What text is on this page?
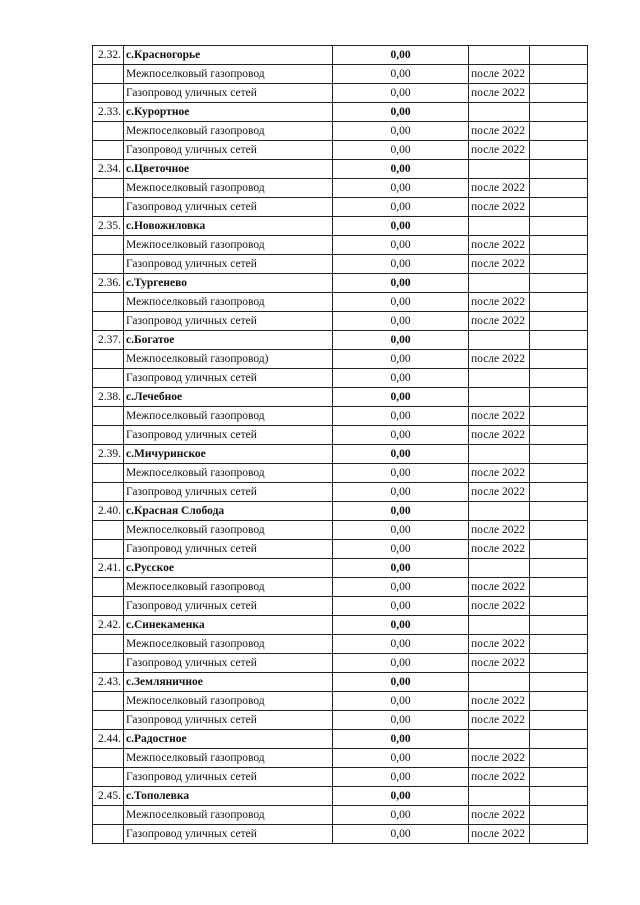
2.32.	с.Красногорье	0,00		
	Межпоселковый газопровод	0,00	после 2022	
	Газопровод уличных сетей	0,00	после 2022	
2.33.	с.Курортное	0,00		
	Межпоселковый газопровод	0,00	после 2022	
	Газопровод уличных сетей	0,00	после 2022	
2.34.	с.Цветочное	0,00		
	Межпоселковый газопровод	0,00	после 2022	
	Газопровод уличных сетей	0,00	после 2022	
2.35.	с.Новожиловка	0,00		
	Межпоселковый газопровод	0,00	после 2022	
	Газопровод уличных сетей	0,00	после 2022	
2.36.	с.Тургенево	0,00		
	Межпоселковый газопровод	0,00	после 2022	
	Газопровод уличных сетей	0,00	после 2022	
2.37.	с.Богатое	0,00		
	Межпоселковый газопровод)	0,00	после 2022	
	Газопровод уличных сетей	0,00		
2.38.	с.Лечебное	0,00		
	Межпоселковый газопровод	0,00	после 2022	
	Газопровод уличных сетей	0,00	после 2022	
2.39.	с.Мичуринское	0,00		
	Межпоселковый газопровод	0,00	после 2022	
	Газопровод уличных сетей	0,00	после 2022	
2.40.	с.Красная Слобода	0,00		
	Межпоселковый газопровод	0,00	после 2022	
	Газопровод уличных сетей	0,00	после 2022	
2.41.	с.Русское	0,00		
	Межпоселковый газопровод	0,00	после 2022	
	Газопровод уличных сетей	0,00	после 2022	
2.42.	с.Синекаменка	0,00		
	Межпоселковый газопровод	0,00	после 2022	
	Газопровод уличных сетей	0,00	после 2022	
2.43.	с.Земляничное	0,00		
	Межпоселковый газопровод	0,00	после 2022	
	Газопровод уличных сетей	0,00	после 2022	
2.44.	с.Радостное	0,00		
	Межпоселковый газопровод	0,00	после 2022	
	Газопровод уличных сетей	0,00	после 2022	
2.45.	с.Тополевка	0,00		
	Межпоселковый газопровод	0,00	после 2022	
	Газопровод уличных сетей	0,00	после 2022	
